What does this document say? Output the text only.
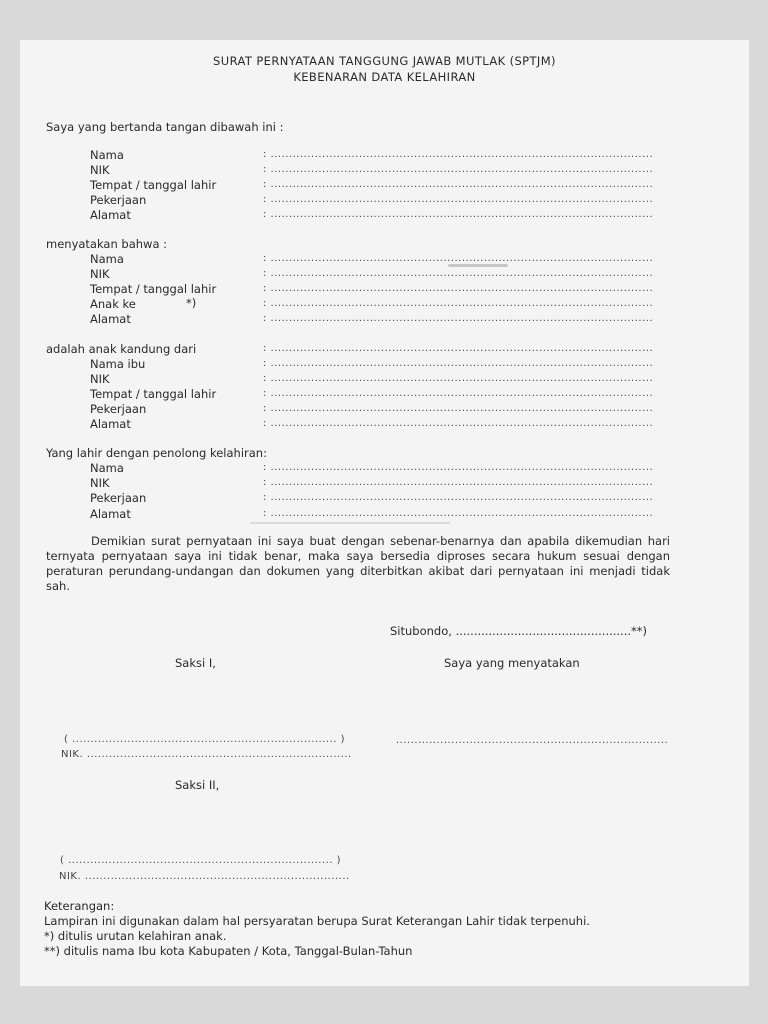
SURAT PERNYATAAN TANGGUNG JAWAB MUTLAK (SPTJM)
KEBENARAN DATA KELAHIRAN
Saya yang bertanda tangan dibawah ini :
Nama	: ........................................................................................................
NIK	: ........................................................................................................
Tempat / tanggal lahir	: ........................................................................................................
Pekerjaan	: ........................................................................................................
Alamat	: ........................................................................................................
menyatakan bahwa :
Nama	: ........................................................................................................
NIK	: ........................................................................................................
Tempat / tanggal lahir	: ........................................................................................................
Anak ke	*)	: ........................................................................................................
Alamat	: ........................................................................................................
adalah anak kandung dari	: ........................................................................................................
Nama ibu	: ........................................................................................................
NIK	: ........................................................................................................
Tempat / tanggal lahir	: ........................................................................................................
Pekerjaan	: ........................................................................................................
Alamat	: ........................................................................................................
Yang lahir dengan penolong kelahiran:
Nama	: ........................................................................................................
NIK	: ........................................................................................................
Pekerjaan	: ........................................................................................................
Alamat	: ........................................................................................................
Demikian surat pernyataan ini saya buat dengan sebenar-benarnya dan apabila dikemudian hari ternyata pernyataan saya ini tidak benar, maka saya bersedia diproses secara hukum sesuai dengan peraturan perundang-undangan dan dokumen yang diterbitkan akibat dari pernyataan ini menjadi tidak sah.
Situbondo, ................................................**)
Saksi I,	Saya yang menyatakan
( ........................................................................ )
NIK. ........................................................................
..........................................................................
Saksi II,
( ........................................................................ )
NIK. ........................................................................
Keterangan:
Lampiran ini digunakan dalam hal persyaratan berupa Surat Keterangan Lahir tidak terpenuhi.
*) ditulis urutan kelahiran anak.
**) ditulis nama Ibu kota Kabupaten / Kota, Tanggal-Bulan-Tahun
